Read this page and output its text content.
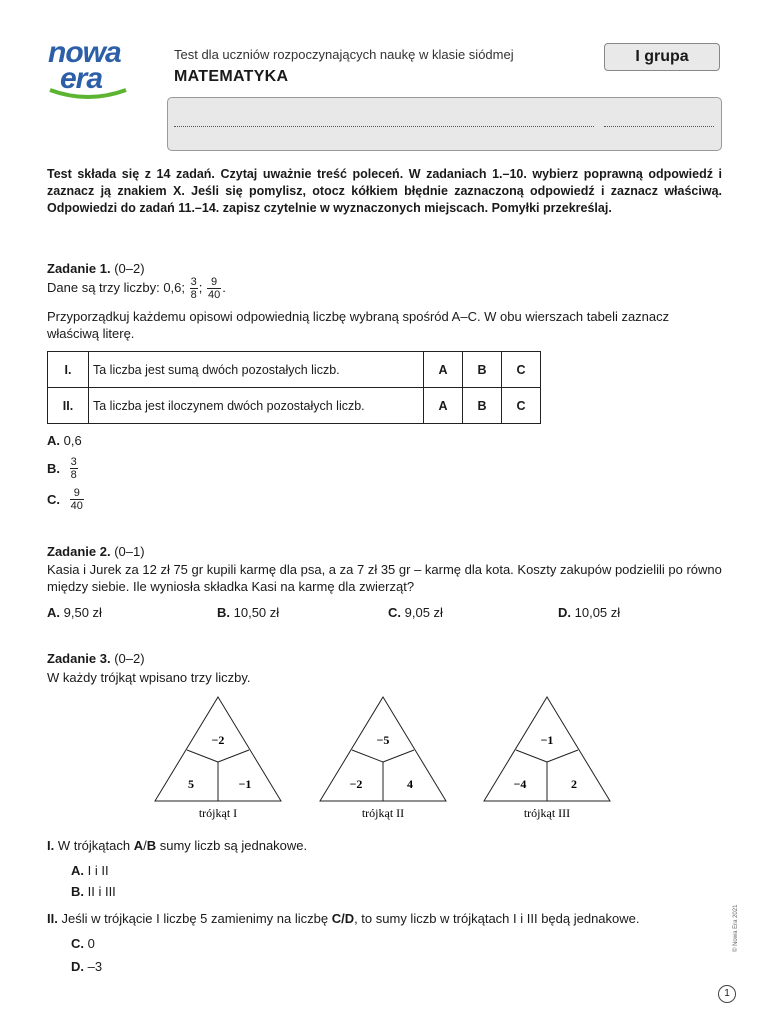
nowa
era
Test dla uczniów rozpoczynających naukę w klasie siódmej
MATEMATYKA
I grupa
Test składa się z 14 zadań. Czytaj uważnie treść poleceń. W zadaniach 1.–10. wybierz poprawną odpowiedź i zaznacz ją znakiem X. Jeśli się pomylisz, otocz kółkiem błędnie zaznaczoną odpowiedź i zaznacz właściwą. Odpowiedzi do zadań 11.–14. zapisz czytelnie w wyznaczonych miejscach. Pomyłki przekreślaj.
Zadanie 1. (0–2)
Dane są trzy liczby: 0,6; $\frac{3}{8}$ ; $\frac{9}{40}$ .
Przyporządkuj każdemu opisowi odpowiednią liczbę wybraną spośród A–C. W obu wierszach tabeli zaznacz właściwą literę.
I.	Ta liczba jest sumą dwóch pozostałych liczb.	A	B	C
II.	Ta liczba jest iloczynem dwóch pozostałych liczb.	A	B	C
A. 0,6
B. $\frac{3}{8}$
C. $\frac{9}{40}$
Zadanie 2. (0–1)
Kasia i Jurek za 12 zł 75 gr kupili karmę dla psa, a za 7 zł 35 gr – karmę dla kota. Koszty zakupów podzielili po równo między siebie. Ile wyniosła składka Kasi na karmę dla zwierząt?
A. 9,50 zł	B. 10,50 zł	C. 9,05 zł	D. 10,05 zł
Zadanie 3. (0–2)
W każdy trójkąt wpisano trzy liczby.
−2
5	−1
trójkąt I
−5
−2	4
trójkąt II
−1
−4	2
trójkąt III
I. W trójkątach A/B sumy liczb są jednakowe.
A. I i II
B. II i III
II. Jeśli w trójkącie I liczbę 5 zamienimy na liczbę C/D, to sumy liczb w trójkątach I i III będą jednakowe.
C. 0
D. –3
1
© Nowa Era 2021
